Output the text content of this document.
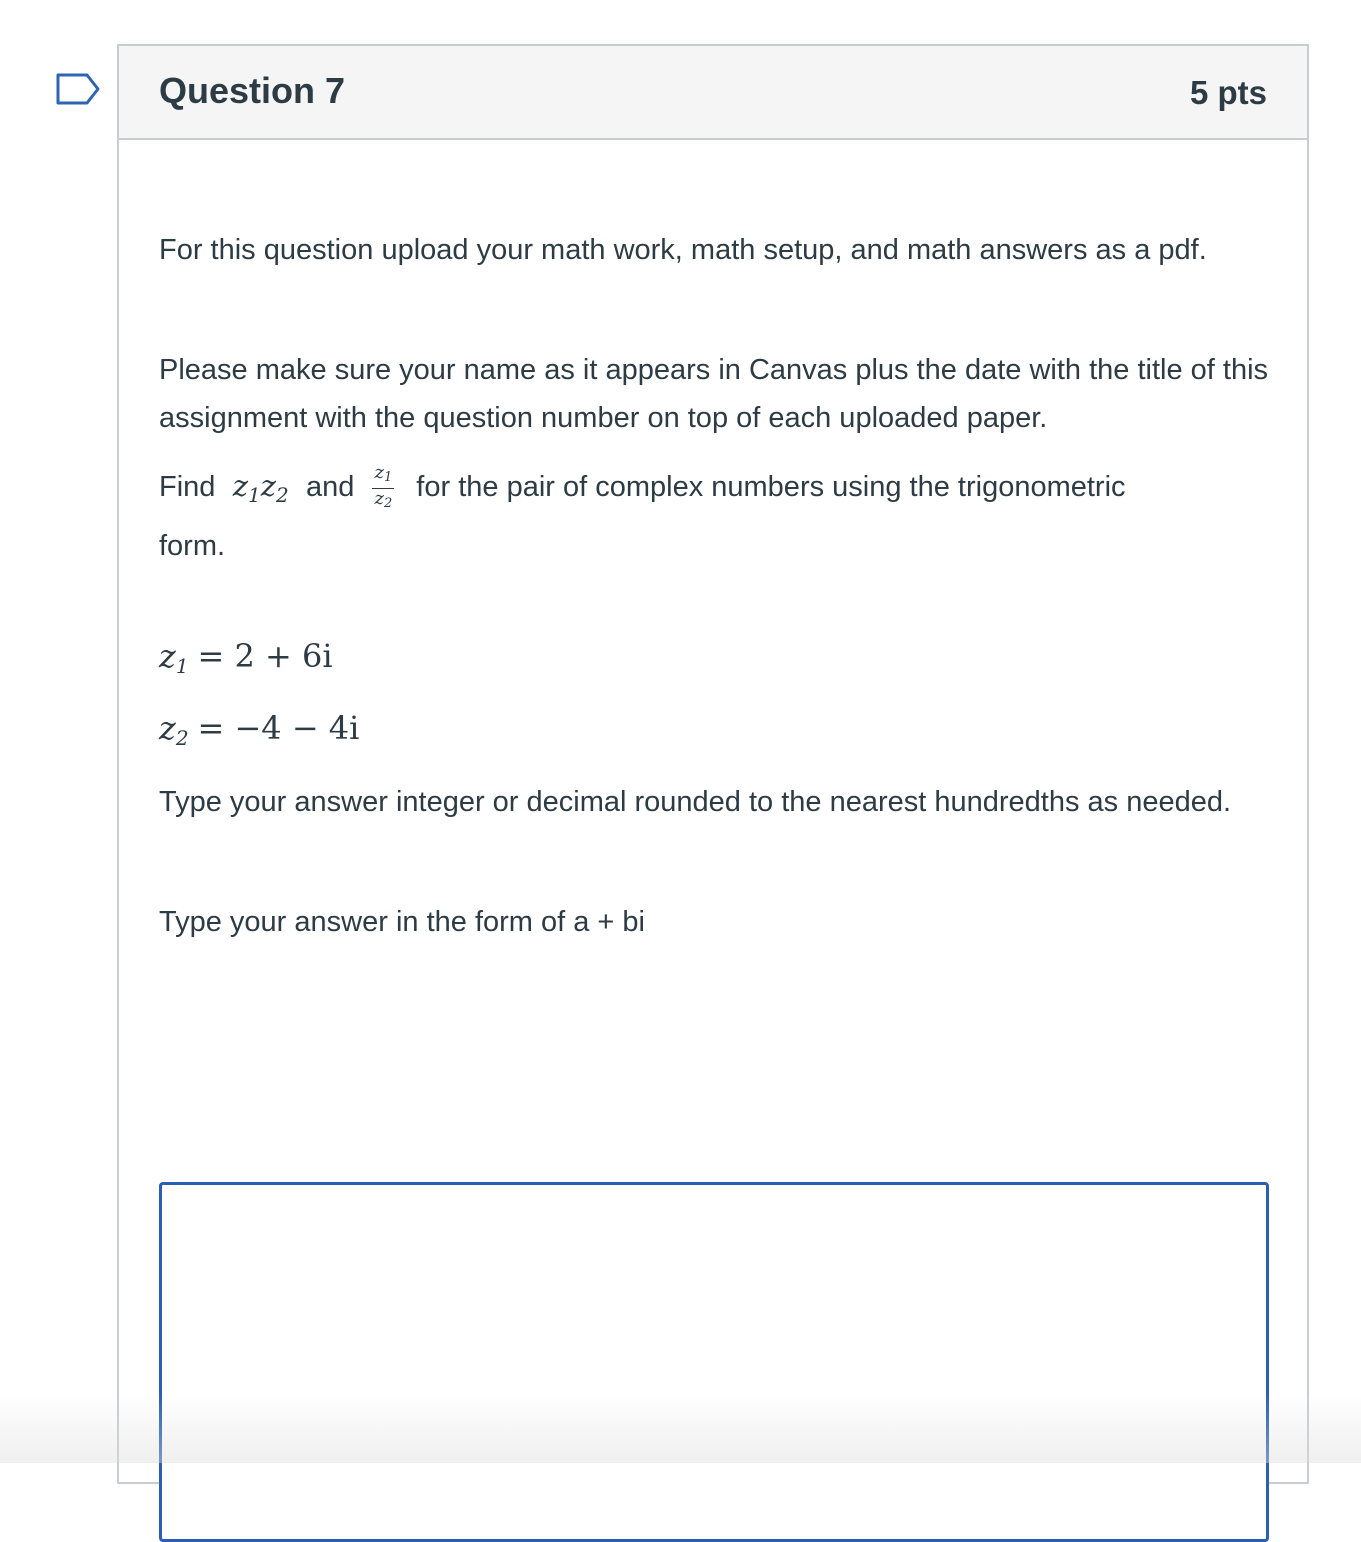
Question 7	5 pts

For this question upload your math work, math setup, and math answers as a pdf.

Please make sure your name as it appears in Canvas plus the date with the title of this assignment with the question number on top of each uploaded paper.

Find  $z_1z_2$ and $\frac{z_1}{z_2}$ for the pair of complex numbers using the trigonometric

form.

$z_1 = 2 + 6i$
$z_2 = -4 - 4i$

Type your answer integer or decimal rounded to the nearest hundredths as needed.

Type your answer in the form of a + bi
